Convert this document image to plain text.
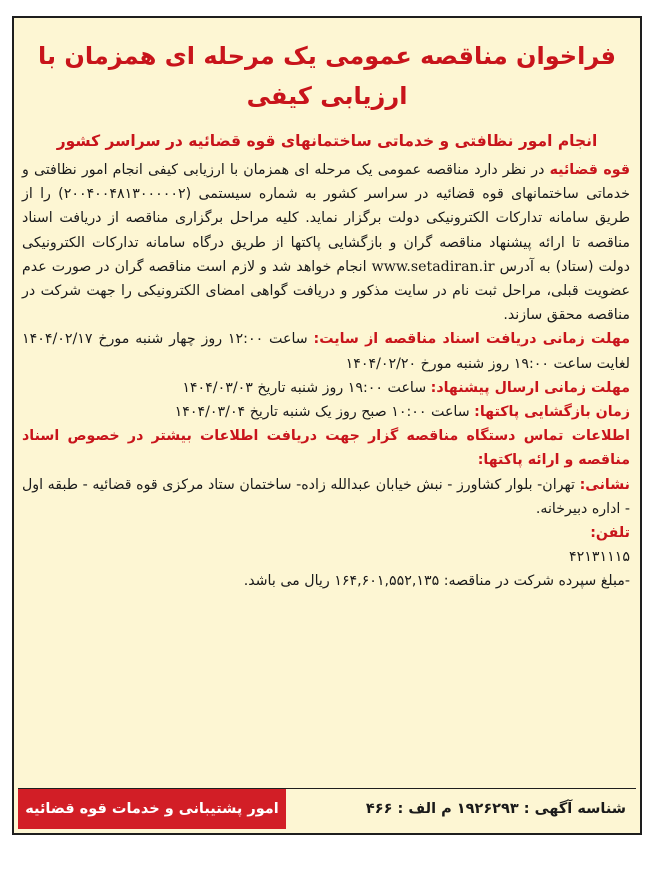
فراخوان مناقصه عمومی یک مرحله ای همزمان با ارزیابی کیفی
انجام امور نظافتی و خدماتی ساختمانهای قوه قضائیه در سراسر کشور

قوه قضائیه در نظر دارد مناقصه عمومی یک مرحله ای همزمان با ارزیابی کیفی انجام امور نظافتی و خدماتی ساختمانهای قوه قضائیه در سراسر کشور به شماره سیستمی (۲۰۰۴۰۰۴۸۱۳۰۰۰۰۰۲) را از طریق سامانه تدارکات الکترونیکی دولت برگزار نماید. کلیه مراحل برگزاری مناقصه از دریافت اسناد مناقصه تا ارائه پیشنهاد مناقصه گران و بازگشایی پاکتها از طریق درگاه سامانه تدارکات الکترونیکی دولت (ستاد) به آدرس www.setadiran.ir انجام خواهد شد و لازم است مناقصه گران در صورت عدم عضویت قبلی، مراحل ثبت نام در سایت مذکور و دریافت گواهی امضای الکترونیکی را جهت شرکت در مناقصه محقق سازند.

مهلت زمانی دریافت اسناد مناقصه از سایت: ساعت ۱۲:۰۰ روز چهار شنبه مورخ ۱۴۰۴/۰۲/۱۷ لغایت ساعت ۱۹:۰۰ روز شنبه مورخ ۱۴۰۴/۰۲/۲۰

مهلت زمانی ارسال پیشنهاد: ساعت ۱۹:۰۰ روز شنبه تاریخ ۱۴۰۴/۰۳/۰۳

زمان بازگشایی پاکتها: ساعت ۱۰:۰۰ صبح روز یک شنبه تاریخ ۱۴۰۴/۰۳/۰۴

اطلاعات تماس دستگاه مناقصه گزار جهت دریافت اطلاعات بیشتر در خصوص اسناد مناقصه و ارائه پاکتها:

نشانی: تهران- بلوار کشاورز - نبش خیابان عبدالله زاده- ساختمان ستاد مرکزی قوه قضائیه - طبقه اول - اداره دبیرخانه.

تلفن:
۴۲۱۳۱۱۱۵

-مبلغ سپرده شرکت در مناقصه: ۱۶۴,۶۰۱,۵۵۲,۱۳۵ ریال می باشد.

شناسه آگهی : ۱۹۲۶۲۹۳ م الف : ۴۶۶
امور پشتیبانی و خدمات قوه قضائیه
